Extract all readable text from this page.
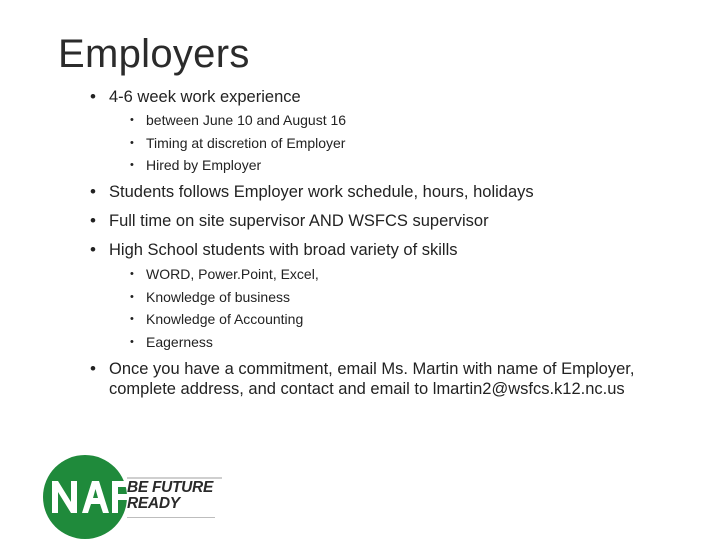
Employers
• 4-6 week work experience
• between June 10 and August 16
• Timing at discretion of Employer
• Hired by Employer
• Students follows Employer work schedule, hours, holidays
• Full time on site supervisor AND WSFCS supervisor
• High School students with broad variety of skills
• WORD, Power.Point, Excel,
• Knowledge of business
• Knowledge of Accounting
• Eagerness
• Once you have a commitment, email Ms. Martin with name of Employer, complete address, and contact and email to lmartin2@wsfcs.k12.nc.us
BE FUTURE
READY
